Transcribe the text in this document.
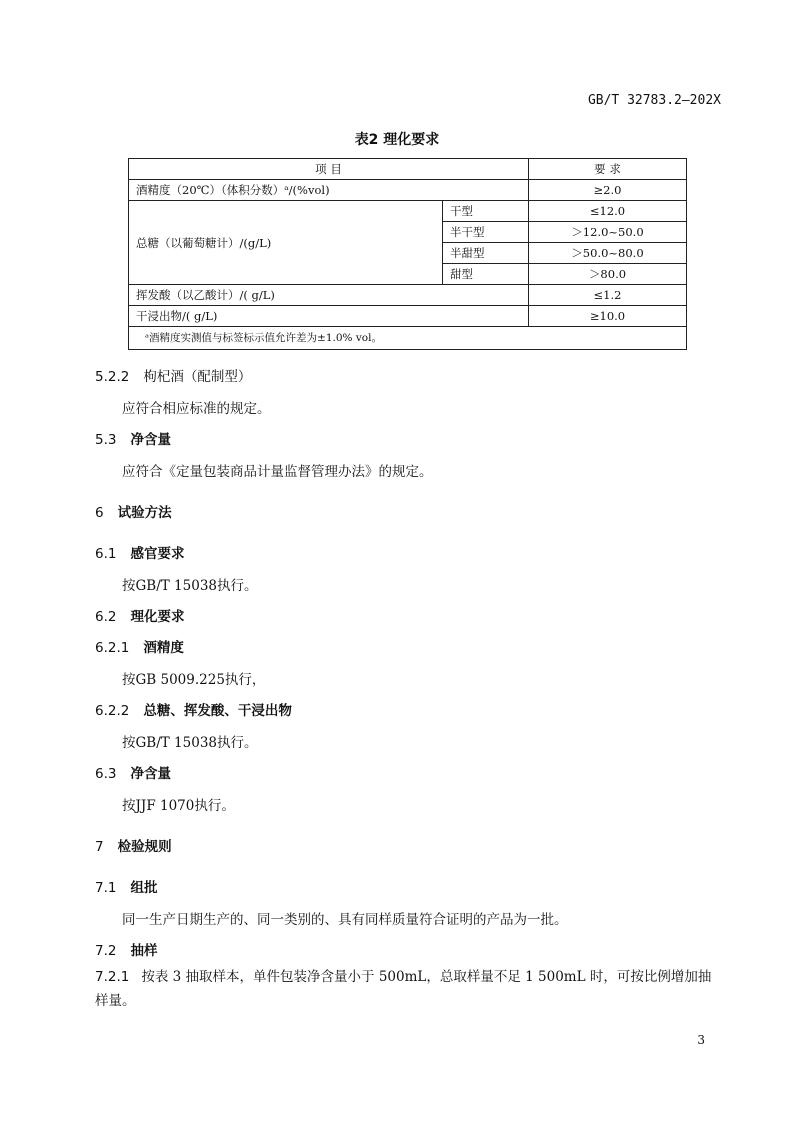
GB/T 32783.2—202X
表2 理化要求
项 目		要 求
酒精度（20℃）（体积分数）ᵃ/(%vol)		≥2.0
总糖（以葡萄糖计）/(g/L)	干型	≤12.0
	半干型	＞12.0~50.0
	半甜型	＞50.0~80.0
	甜型	＞80.0
挥发酸（以乙酸计）/( g/L)		≤1.2
干浸出物/( g/L)		≥10.0
ᵃ酒精度实测值与标签标示值允许差为±1.0% vol。		
5.2.2 枸杞酒（配制型）
应符合相应标准的规定。
5.3 净含量
应符合《定量包装商品计量监督管理办法》的规定。
6 试验方法
6.1 感官要求
按GB/T 15038执行。
6.2 理化要求
6.2.1 酒精度
按GB 5009.225执行，
6.2.2 总糖、挥发酸、干浸出物
按GB/T 15038执行。
6.3 净含量
按JJF 1070执行。
7 检验规则
7.1 组批
同一生产日期生产的、同一类别的、具有同样质量符合证明的产品为一批。
7.2 抽样
7.2.1 按表 3 抽取样本，单件包装净含量小于 500mL，总取样量不足 1 500mL 时，可按比例增加抽样量。
3
